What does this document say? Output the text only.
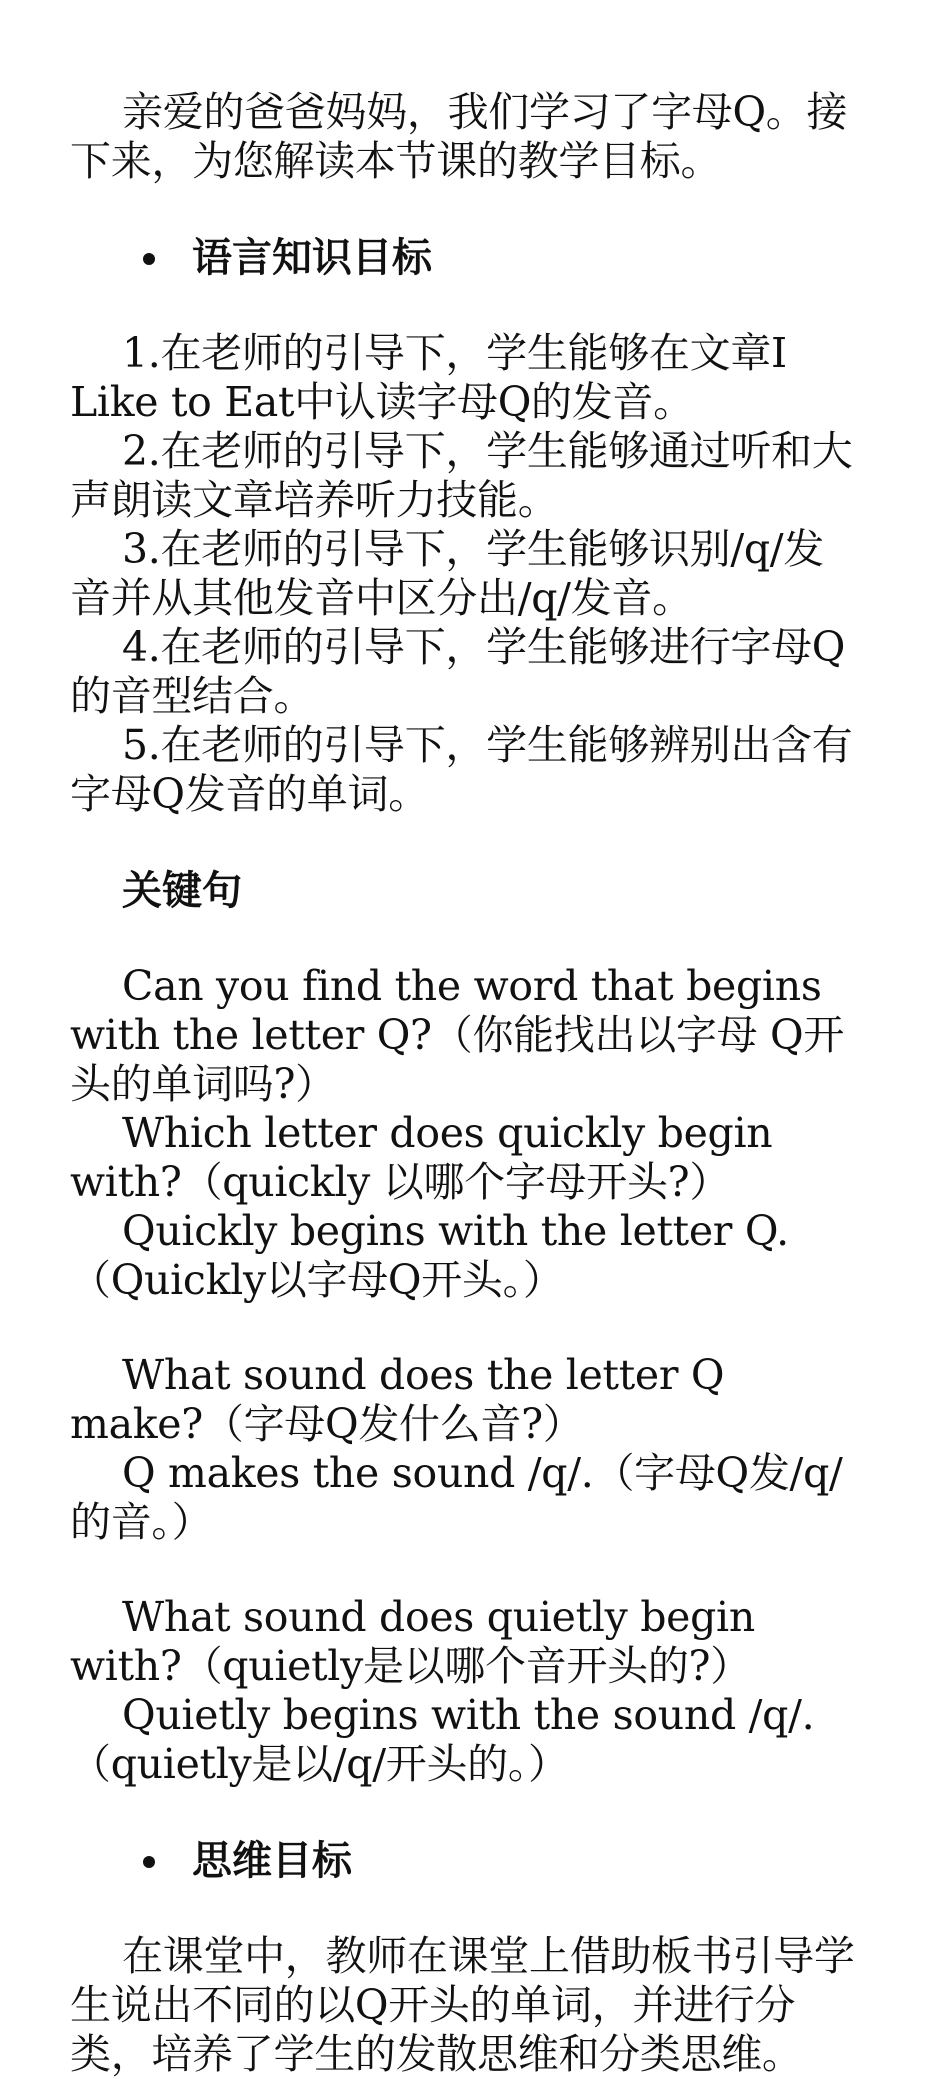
亲爱的爸爸妈妈，我们学习了字母Q。接下来，为您解读本节课的教学目标。

语言知识目标

1.在老师的引导下，学生能够在文章I Like to Eat中认读字母Q的发音。

2.在老师的引导下，学生能够通过听和大声朗读文章培养听力技能。

3.在老师的引导下，学生能够识别/q/发音并从其他发音中区分出/q/发音。

4.在老师的引导下，学生能够进行字母Q的音型结合。

5.在老师的引导下，学生能够辨别出含有字母Q发音的单词。

关键句

Can you find the word that begins with the letter Q?（你能找出以字母 Q开头的单词吗?）

Which letter does quickly begin with?（quickly 以哪个字母开头?）

Quickly begins with the letter Q.（Quickly以字母Q开头。）

What sound does the letter Q make?（字母Q发什么音?）

Q makes the sound /q/.（字母Q发/q/的音。）

What sound does quietly begin with?（quietly是以哪个音开头的?）

Quietly begins with the sound /q/.（quietly是以/q/开头的。）

思维目标

在课堂中，教师在课堂上借助板书引导学生说出不同的以Q开头的单词，并进行分类，培养了学生的发散思维和分类思维。
